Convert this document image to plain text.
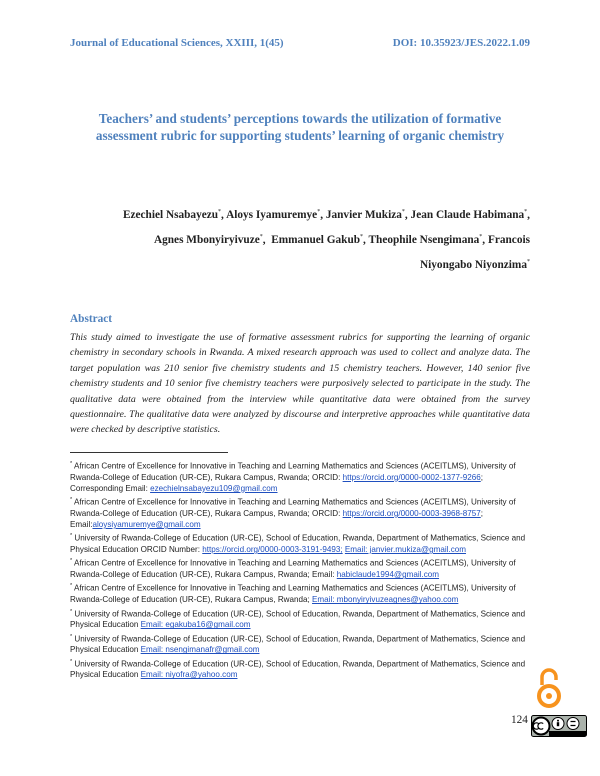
Journal of Educational Sciences, XXIII, 1(45)	DOI: 10.35923/JES.2022.1.09
Teachers’ and students’ perceptions towards the utilization of formative assessment rubric for supporting students’ learning of organic chemistry
Ezechiel Nsabayezu*, Aloys Iyamuremye*, Janvier Mukiza*, Jean Claude Habimana*,
Agnes Mbonyiryivuze*,  Emmanuel Gakub*, Theophile Nsengimana*, Francois
Niyongabo Niyonzima*
Abstract
This study aimed to investigate the use of formative assessment rubrics for supporting the learning of organic chemistry in secondary schools in Rwanda. A mixed research approach was used to collect and analyze data. The target population was 210 senior five chemistry students and 15 chemistry teachers. However, 140 senior five chemistry students and 10 senior five chemistry teachers were purposively selected to participate in the study. The qualitative data were obtained from the interview while quantitative data were obtained from the survey questionnaire. The qualitative data were analyzed by discourse and interpretive approaches while quantitative data were checked by descriptive statistics.
* African Centre of Excellence for Innovative in Teaching and Learning Mathematics and Sciences (ACEITLMS), University of Rwanda-College of Education (UR-CE), Rukara Campus, Rwanda; ORCID: https://orcid.org/0000-0002-1377-9266; Corresponding Email: ezechielnsabayezu109@gmail.com
* African Centre of Excellence for Innovative in Teaching and Learning Mathematics and Sciences (ACEITLMS), University of Rwanda-College of Education (UR-CE), Rukara Campus, Rwanda; ORCID: https://orcid.org/0000-0003-3968-8757; Email:aloysiyamuremye@gmail.com
* University of Rwanda-College of Education (UR-CE), School of Education, Rwanda, Department of Mathematics, Science and Physical Education ORCID Number: https://orcid.org/0000-0003-3191-9493; Email: janvier.mukiza@gmail.com
* African Centre of Excellence for Innovative in Teaching and Learning Mathematics and Sciences (ACEITLMS), University of Rwanda-College of Education (UR-CE), Rukara Campus, Rwanda; Email: habiclaude1994@gmail.com
* African Centre of Excellence for Innovative in Teaching and Learning Mathematics and Sciences (ACEITLMS), University of Rwanda-College of Education (UR-CE), Rukara Campus, Rwanda; Email: mbonyiryivuzeagnes@yahoo.com
* University of Rwanda-College of Education (UR-CE), School of Education, Rwanda, Department of Mathematics, Science and Physical Education Email: egakuba16@gmail.com
* University of Rwanda-College of Education (UR-CE), School of Education, Rwanda, Department of Mathematics, Science and Physical Education Email: nsengimanafr@gmail.com
* University of Rwanda-College of Education (UR-CE), School of Education, Rwanda, Department of Mathematics, Science and Physical Education Email: niyofra@yahoo.com
124
